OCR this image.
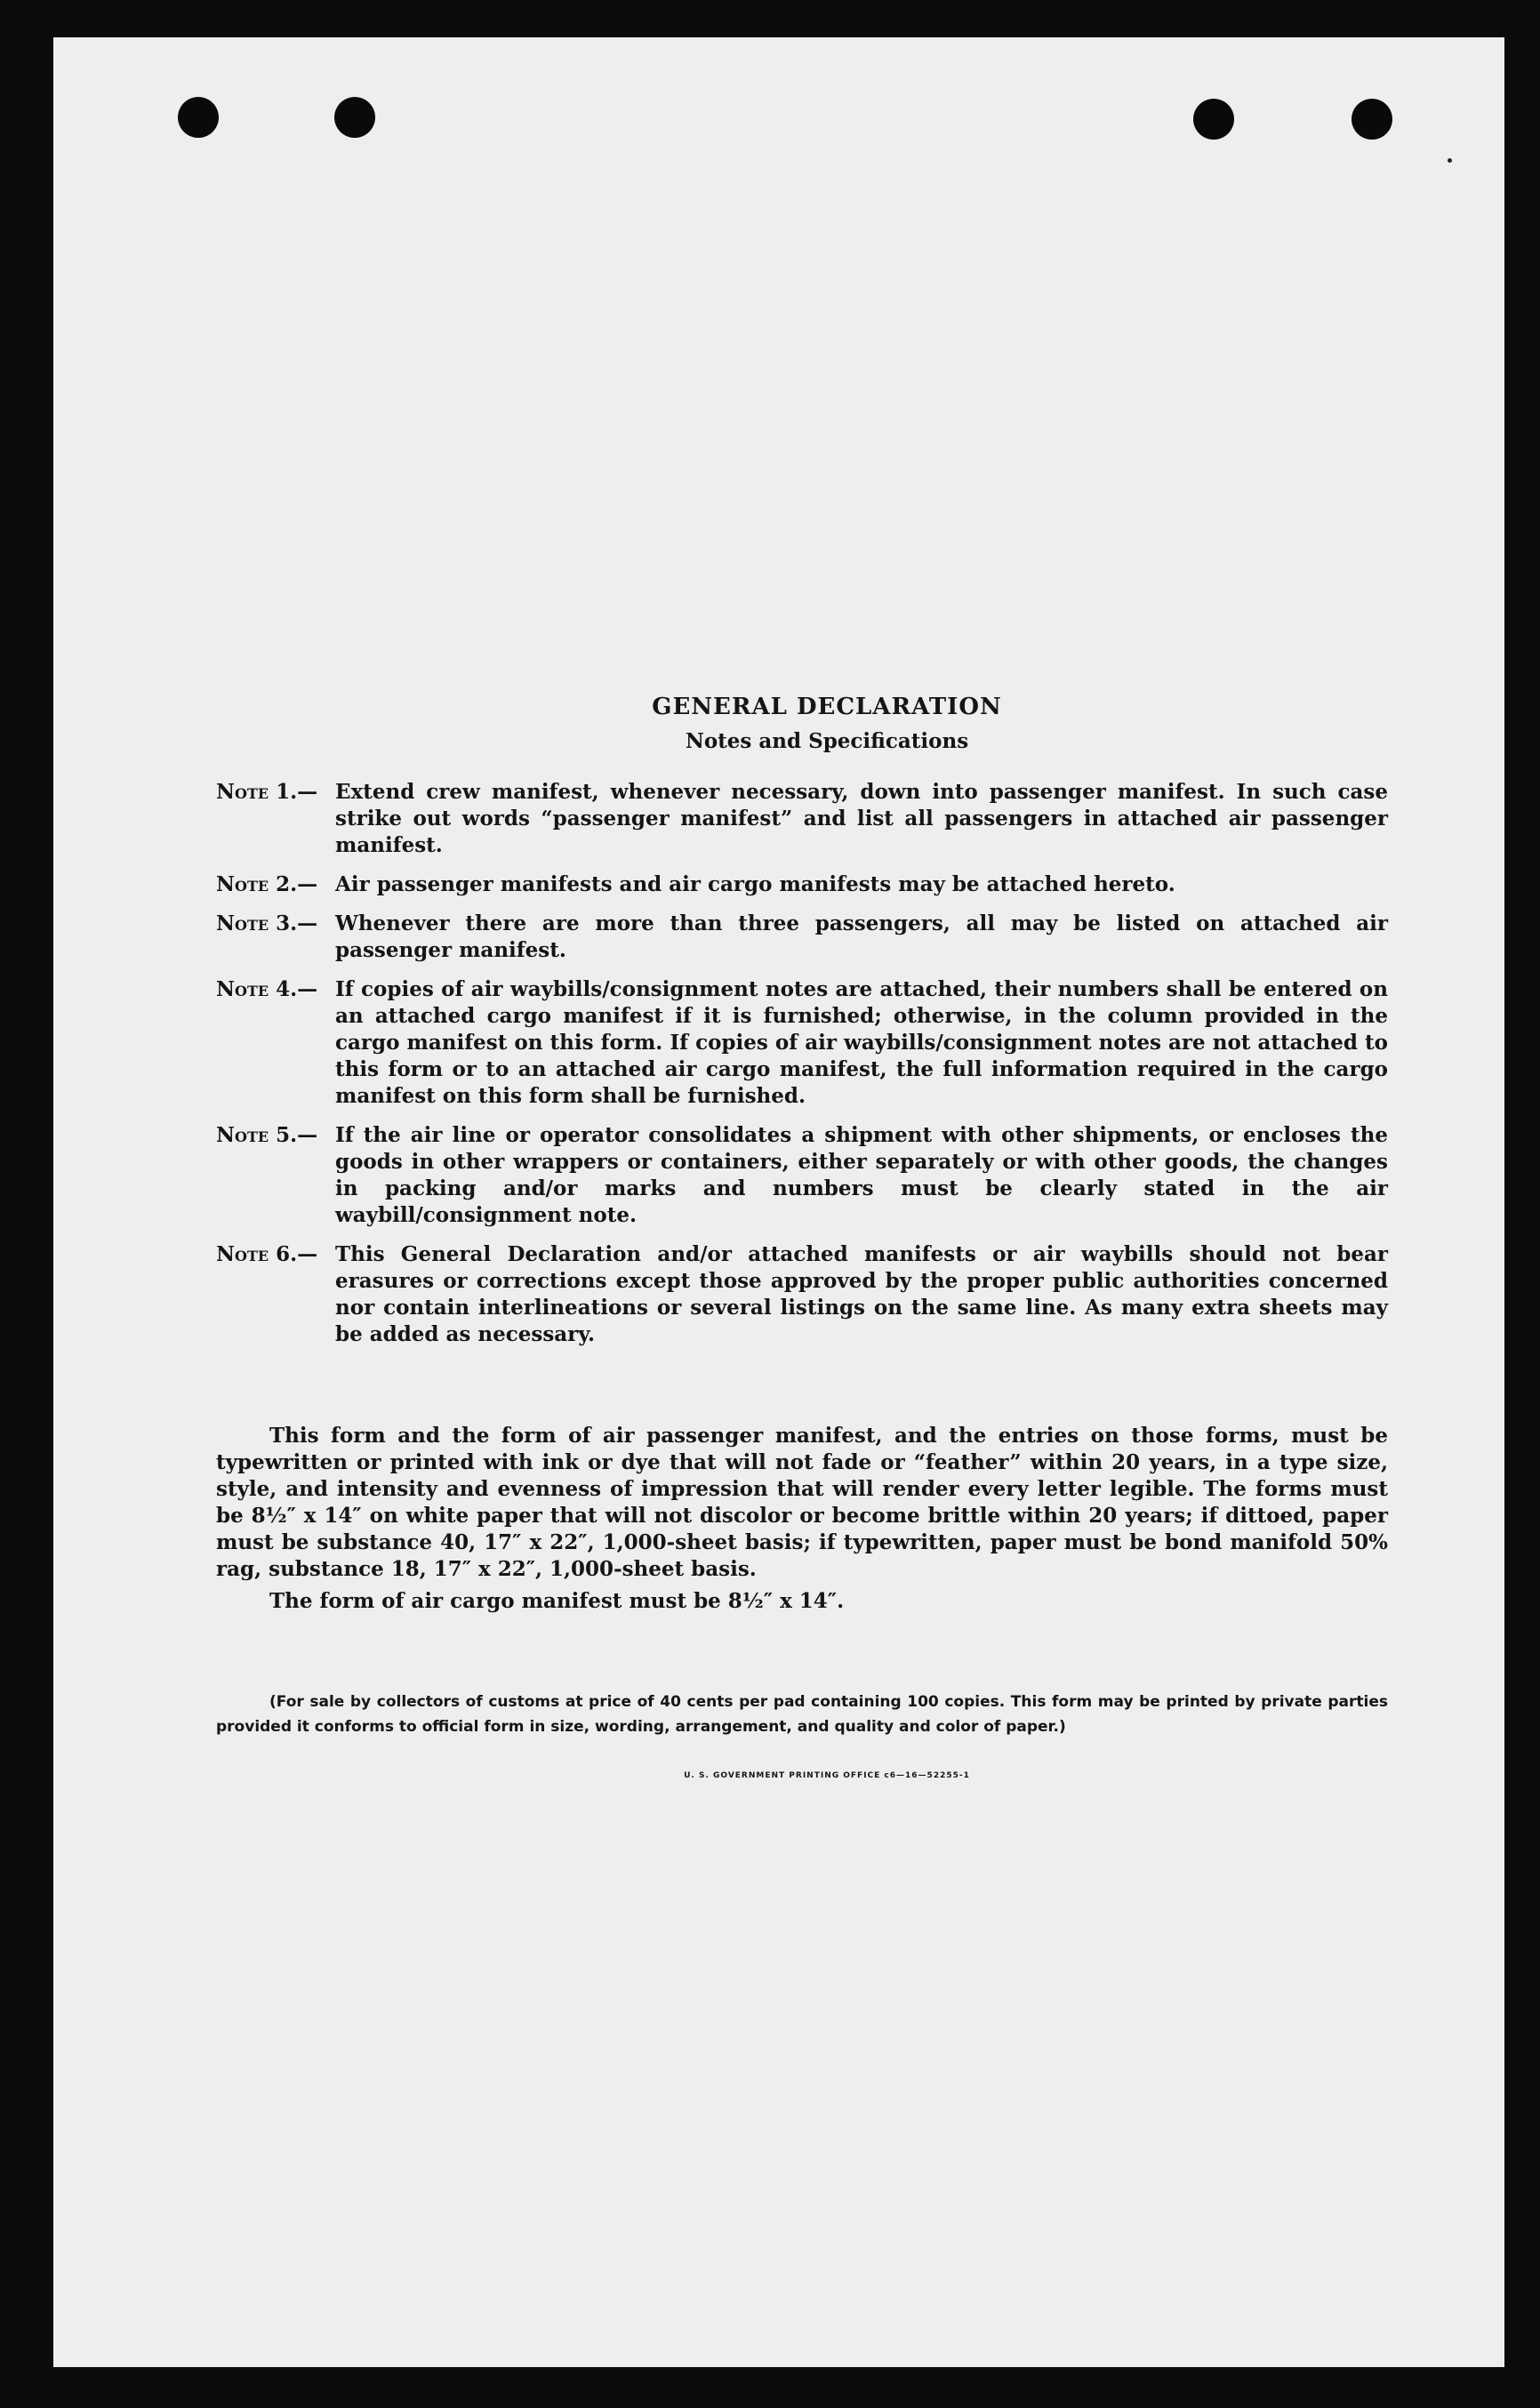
GENERAL DECLARATION
Notes and Specifications
Note 1.— Extend crew manifest, whenever necessary, down into passenger manifest. In such case strike out words “passenger manifest” and list all passengers in attached air passenger manifest.
Note 2.— Air passenger manifests and air cargo manifests may be attached hereto.
Note 3.— Whenever there are more than three passengers, all may be listed on attached air passenger manifest.
Note 4.— If copies of air waybills/consignment notes are attached, their numbers shall be entered on an attached cargo manifest if it is furnished; otherwise, in the column provided in the cargo manifest on this form. If copies of air waybills/consignment notes are not attached to this form or to an attached air cargo manifest, the full information required in the cargo manifest on this form shall be furnished.
Note 5.— If the air line or operator consolidates a shipment with other shipments, or encloses the goods in other wrappers or containers, either separately or with other goods, the changes in packing and/or marks and numbers must be clearly stated in the air waybill/consignment note.
Note 6.— This General Declaration and/or attached manifests or air waybills should not bear erasures or corrections except those approved by the proper public authorities concerned nor contain interlineations or several listings on the same line. As many extra sheets may be added as necessary.
This form and the form of air passenger manifest, and the entries on those forms, must be typewritten or printed with ink or dye that will not fade or “feather” within 20 years, in a type size, style, and intensity and evenness of impression that will render every letter legible. The forms must be 8½″ x 14″ on white paper that will not discolor or become brittle within 20 years; if dittoed, paper must be substance 40, 17″ x 22″, 1,000-sheet basis; if typewritten, paper must be bond manifold 50% rag, substance 18, 17″ x 22″, 1,000-sheet basis.
The form of air cargo manifest must be 8½″ x 14″.
(For sale by collectors of customs at price of 40 cents per pad containing 100 copies. This form may be printed by private parties provided it conforms to official form in size, wording, arrangement, and quality and color of paper.)
U. S. GOVERNMENT PRINTING OFFICE c6—16—52255-1
